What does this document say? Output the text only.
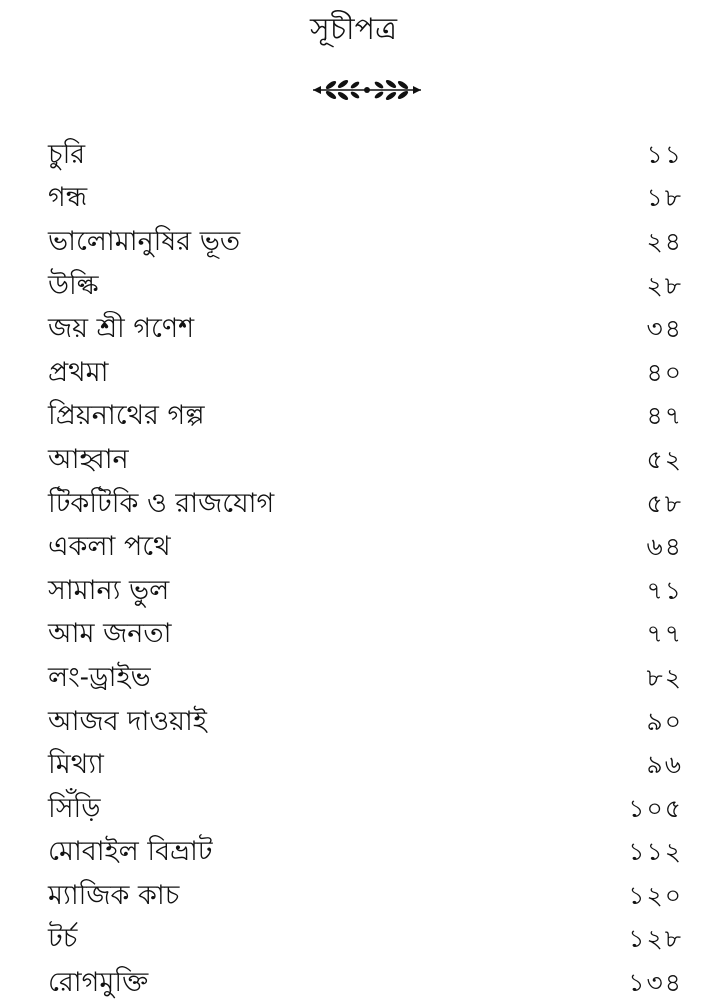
সূচীপত্র
চুরি	১১
গন্ধ	১৮
ভালোমানুষির ভূত	২৪
উল্কি	২৮
জয় শ্রী গণেশ	৩৪
প্রথমা	৪০
প্রিয়নাথের গল্প	৪৭
আহ্বান	৫২
টিকটিকি ও রাজযোগ	৫৮
একলা পথে	৬৪
সামান্য ভুল	৭১
আম জনতা	৭৭
লং-ড্রাইভ	৮২
আজব দাওয়াই	৯০
মিথ্যা	৯৬
সিঁড়ি	১০৫
মোবাইল বিভ্রাট	১১২
ম্যাজিক কাচ	১২০
টর্চ	১২৮
রোগমুক্তি	১৩৪
